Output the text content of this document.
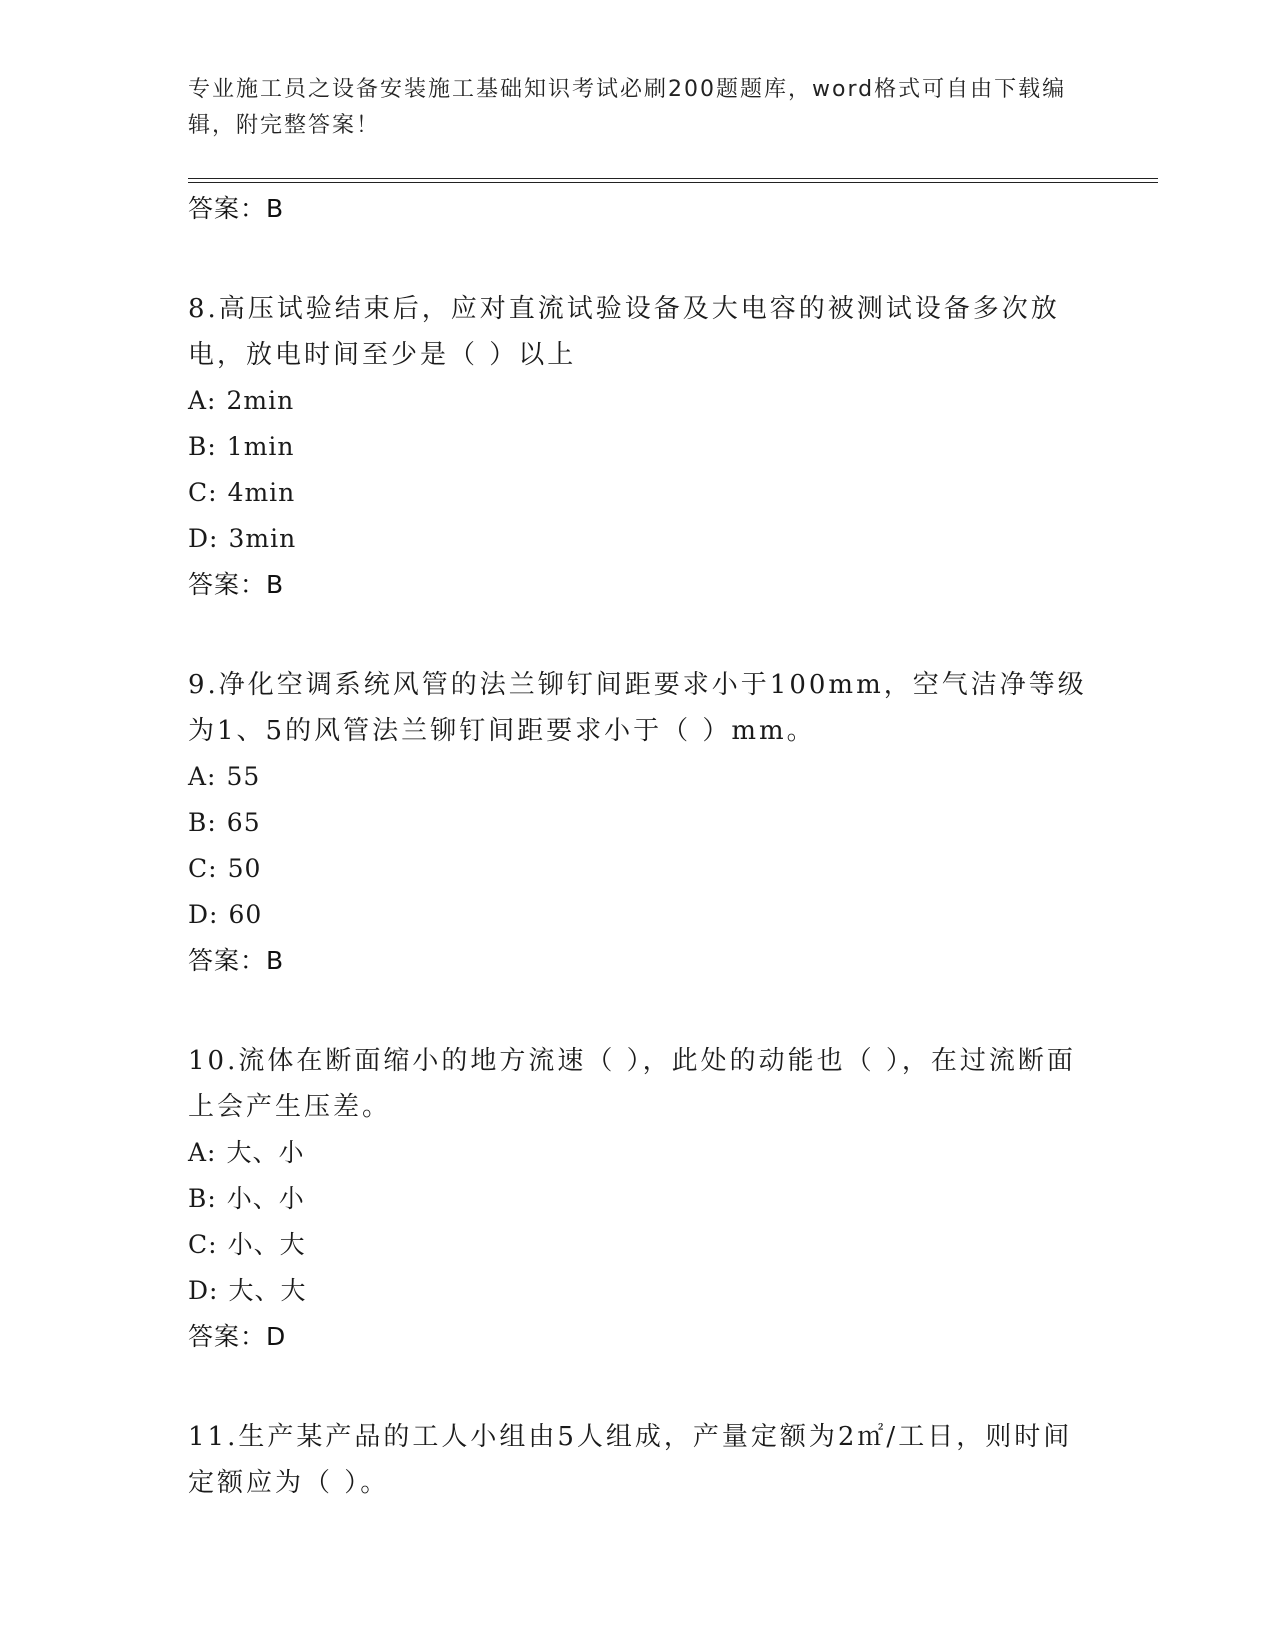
专业施工员之设备安装施工基础知识考试必刷200题题库，word格式可自由下载编辑，附完整答案！
答案：B
8.高压试验结束后，应对直流试验设备及大电容的被测试设备多次放电，放电时间至少是（ ）以上
A: 2min
B: 1min
C: 4min
D: 3min
答案：B
9.净化空调系统风管的法兰铆钉间距要求小于100mm，空气洁净等级为1、5的风管法兰铆钉间距要求小于（ ）mm。
A: 55
B: 65
C: 50
D: 60
答案：B
10.流体在断面缩小的地方流速（ ），此处的动能也（ ），在过流断面上会产生压差。
A: 大、小
B: 小、小
C: 小、大
D: 大、大
答案：D
11.生产某产品的工人小组由5人组成，产量定额为2㎡/工日，则时间定额应为（ ）。
